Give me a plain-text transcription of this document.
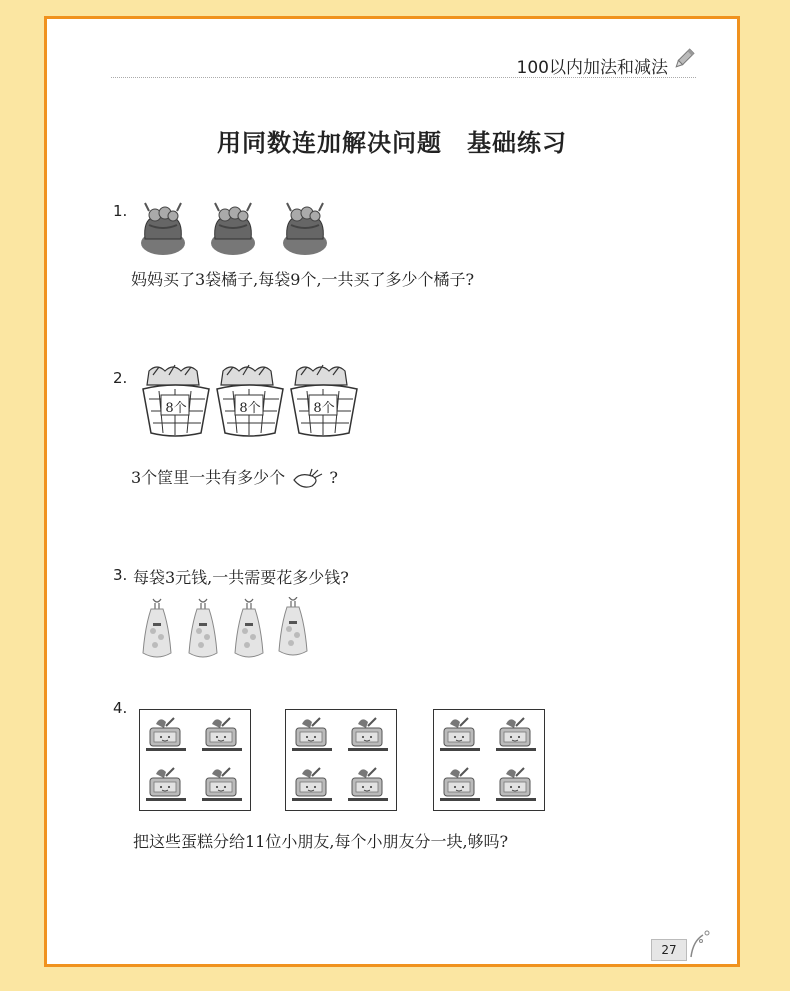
100以内加法和减法
用同数连加解决问题　基础练习
1.
妈妈买了3袋橘子,每袋9个,一共买了多少个橘子?
2.
8个	8个	8个
3个筐里一共有多少个	?
3. 每袋3元钱,一共需要花多少钱?
4.
把这些蛋糕分给11位小朋友,每个小朋友分一块,够吗?
27
